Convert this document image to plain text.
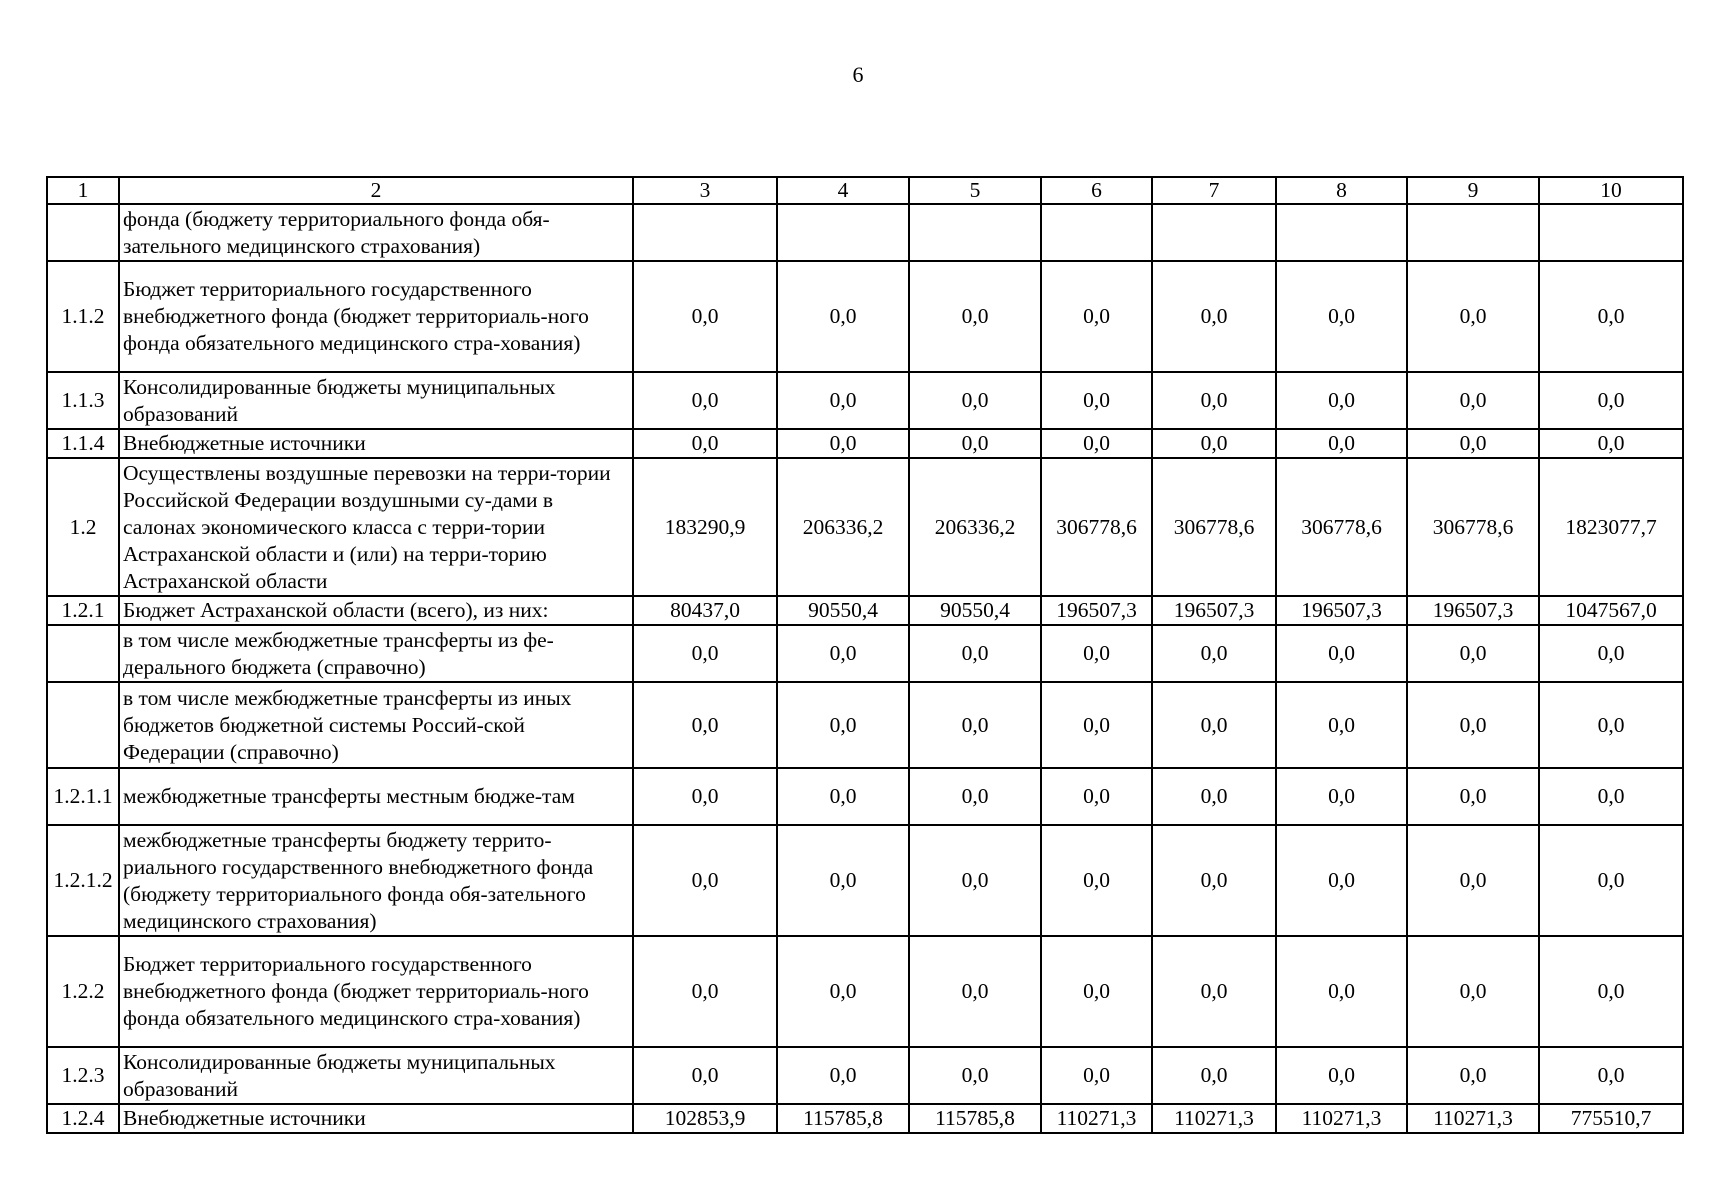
6
1	2	3	4	5	6	7	8	9	10
	фонда (бюджету территориального фонда обя-зательного медицинского страхования)								
1.1.2	Бюджет территориального государственного внебюджетного фонда (бюджет территориаль-ного фонда обязательного медицинского стра-хования)	0,0	0,0	0,0	0,0	0,0	0,0	0,0	0,0
1.1.3	Консолидированные бюджеты муниципальных образований	0,0	0,0	0,0	0,0	0,0	0,0	0,0	0,0
1.1.4	Внебюджетные источники	0,0	0,0	0,0	0,0	0,0	0,0	0,0	0,0
1.2	Осуществлены воздушные перевозки на терри-тории Российской Федерации воздушными су-дами в салонах экономического класса с терри-тории Астраханской области и (или) на терри-торию Астраханской области	183290,9	206336,2	206336,2	306778,6	306778,6	306778,6	306778,6	1823077,7
1.2.1	Бюджет Астраханской области (всего), из них:	80437,0	90550,4	90550,4	196507,3	196507,3	196507,3	196507,3	1047567,0
	в том числе межбюджетные трансферты из фе-дерального бюджета (справочно)	0,0	0,0	0,0	0,0	0,0	0,0	0,0	0,0
	в том числе межбюджетные трансферты из иных бюджетов бюджетной системы Россий-ской Федерации (справочно)	0,0	0,0	0,0	0,0	0,0	0,0	0,0	0,0
1.2.1.1	межбюджетные трансферты местным бюдже-там	0,0	0,0	0,0	0,0	0,0	0,0	0,0	0,0
1.2.1.2	межбюджетные трансферты бюджету террито-риального государственного внебюджетного фонда (бюджету территориального фонда обя-зательного медицинского страхования)	0,0	0,0	0,0	0,0	0,0	0,0	0,0	0,0
1.2.2	Бюджет территориального государственного внебюджетного фонда (бюджет территориаль-ного фонда обязательного медицинского стра-хования)	0,0	0,0	0,0	0,0	0,0	0,0	0,0	0,0
1.2.3	Консолидированные бюджеты муниципальных образований	0,0	0,0	0,0	0,0	0,0	0,0	0,0	0,0
1.2.4	Внебюджетные источники	102853,9	115785,8	115785,8	110271,3	110271,3	110271,3	110271,3	775510,7
